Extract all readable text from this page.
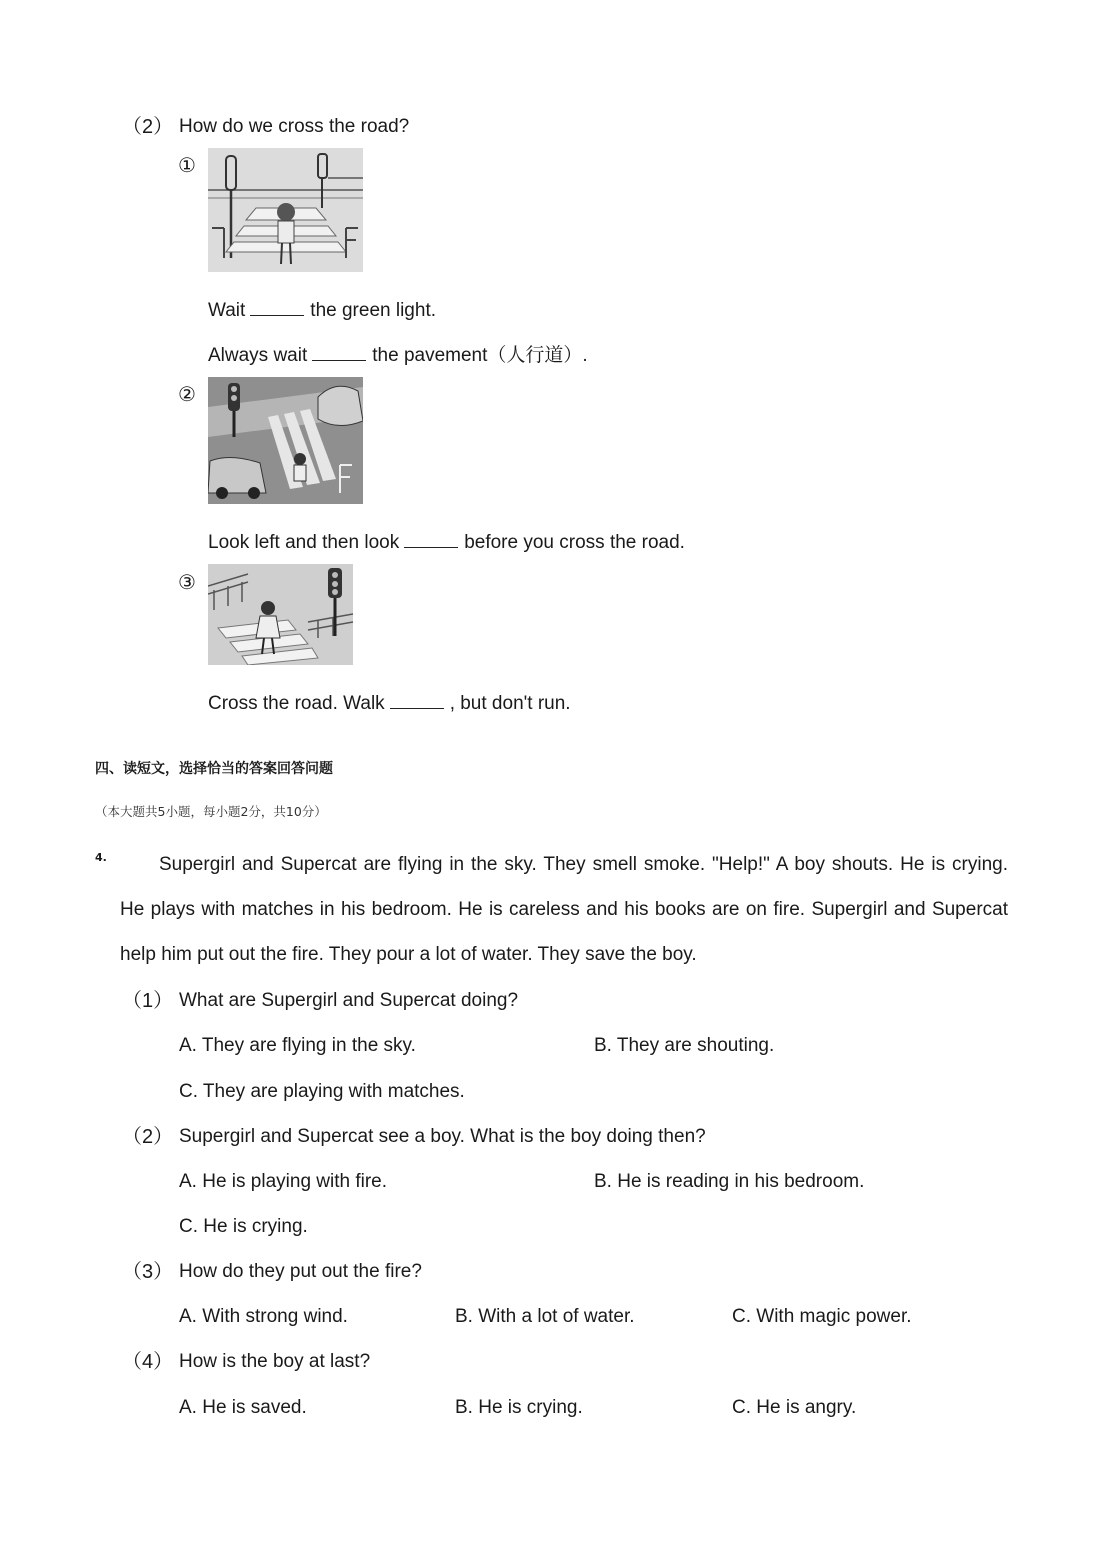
（2） How do we cross the road?
①
Wait	the green light.
Always wait	the pavement（人行道）.
②
Look left and then look	before you cross the road.
③
Cross the road. Walk	, but don't run.
四、读短文，选择恰当的答案回答问题
（本大题共5小题，每小题2分，共10分）
4.	Supergirl and Supercat are flying in the sky. They smell smoke. "Help!" A boy shouts. He is crying. He plays with matches in his bedroom. He is careless and his books are on fire. Supergirl and Supercat help him put out the fire. They pour a lot of water. They save the boy.
（1） What are Supergirl and Supercat doing?
A. They are flying in the sky.	B. They are shouting.
C. They are playing with matches.
（2） Supergirl and Supercat see a boy. What is the boy doing then?
A. He is playing with fire.	B. He is reading in his bedroom.
C. He is crying.
（3） How do they put out the fire?
A. With strong wind.	B. With a lot of water.	C. With magic power.
（4） How is the boy at last?
A. He is saved.	B. He is crying.	C. He is angry.
